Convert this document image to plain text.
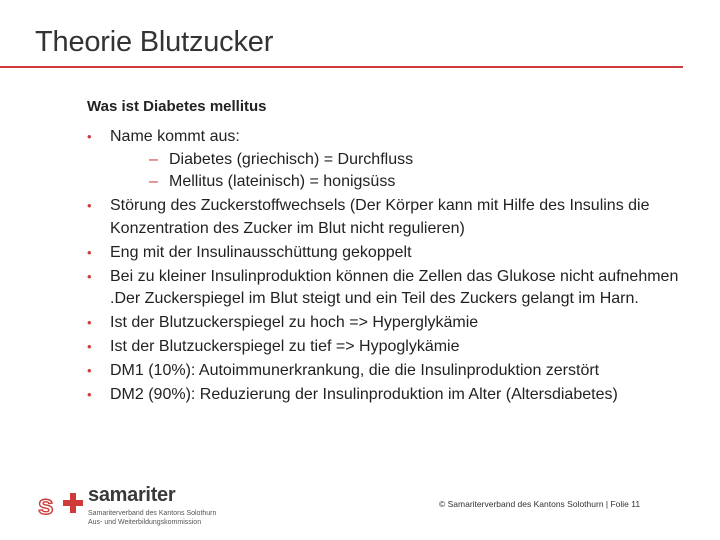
Theorie Blutzucker
Was ist Diabetes mellitus
• Name kommt aus:
– Diabetes (griechisch) = Durchfluss
– Mellitus (lateinisch) = honigsüss
• Störung des Zuckerstoffwechsels (Der Körper kann mit Hilfe des Insulins die Konzentration des Zucker im Blut nicht regulieren)
• Eng mit der Insulinausschüttung gekoppelt
• Bei zu kleiner Insulinproduktion können die Zellen das Glukose nicht aufnehmen .Der Zuckerspiegel im Blut steigt und ein Teil des Zuckers gelangt im Harn.
• Ist der Blutzuckerspiegel zu hoch => Hyperglykämie
• Ist der Blutzuckerspiegel zu tief => Hypoglykämie
• DM1 (10%): Autoimmunerkrankung, die die Insulinproduktion zerstört
• DM2 (90%): Reduzierung der Insulinproduktion im Alter (Altersdiabetes)
s samariter
Samariterverband des Kantons Solothurn
Aus- und Weiterbildungskommission
© Samariterverband des Kantons Solothurn | Folie 11
